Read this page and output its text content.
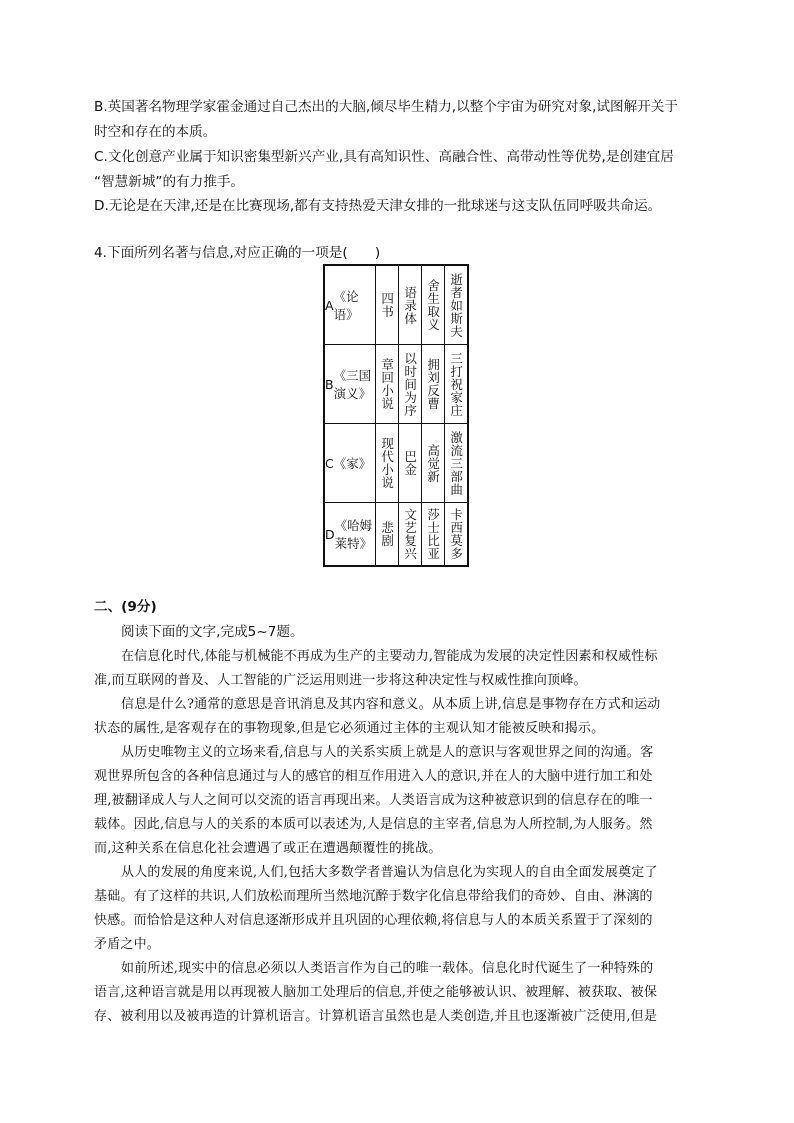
B.英国著名物理学家霍金通过自己杰出的大脑,倾尽毕生精力,以整个宇宙为研究对象,试图解开关于
时空和存在的本质。
C.文化创意产业属于知识密集型新兴产业,具有高知识性、高融合性、高带动性等优势,是创建宜居
“智慧新城”的有力推手。
D.无论是在天津,还是在比赛现场,都有支持热爱天津女排的一批球迷与这支队伍同呼吸共命运。
4.下面所列名著与信息,对应正确的一项是(　　)
A
《论语》	四书	语录体	舍生取义	逝者如斯夫

B
《三国演义》	章回小说	以时间为序	拥刘反曹	三打祝家庄

C 《家》	现代小说	巴金	高觉新	激流三部曲

D
《哈姆莱特》	悲剧	文艺复兴	莎士比亚	卡西莫多
二、(9分)
阅读下面的文字,完成5~7题。
在信息化时代,体能与机械能不再成为生产的主要动力,智能成为发展的决定性因素和权威性标
准,而互联网的普及、人工智能的广泛运用则进一步将这种决定性与权威性推向顶峰。
信息是什么?通常的意思是音讯消息及其内容和意义。从本质上讲,信息是事物存在方式和运动
状态的属性,是客观存在的事物现象,但是它必须通过主体的主观认知才能被反映和揭示。
从历史唯物主义的立场来看,信息与人的关系实质上就是人的意识与客观世界之间的沟通。客
观世界所包含的各种信息通过与人的感官的相互作用进入人的意识,并在人的大脑中进行加工和处
理,被翻译成人与人之间可以交流的语言再现出来。人类语言成为这种被意识到的信息存在的唯一
载体。因此,信息与人的关系的本质可以表述为,人是信息的主宰者,信息为人所控制,为人服务。然
而,这种关系在信息化社会遭遇了或正在遭遇颠覆性的挑战。
从人的发展的角度来说,人们,包括大多数学者普遍认为信息化为实现人的自由全面发展奠定了
基础。有了这样的共识,人们放松而理所当然地沉醉于数字化信息带给我们的奇妙、自由、淋漓的
快感。而恰恰是这种人对信息逐渐形成并且巩固的心理依赖,将信息与人的本质关系置于了深刻的
矛盾之中。
如前所述,现实中的信息必须以人类语言作为自己的唯一载体。信息化时代诞生了一种特殊的
语言,这种语言就是用以再现被人脑加工处理后的信息,并使之能够被认识、被理解、被获取、被保
存、被利用以及被再造的计算机语言。计算机语言虽然也是人类创造,并且也逐渐被广泛使用,但是
